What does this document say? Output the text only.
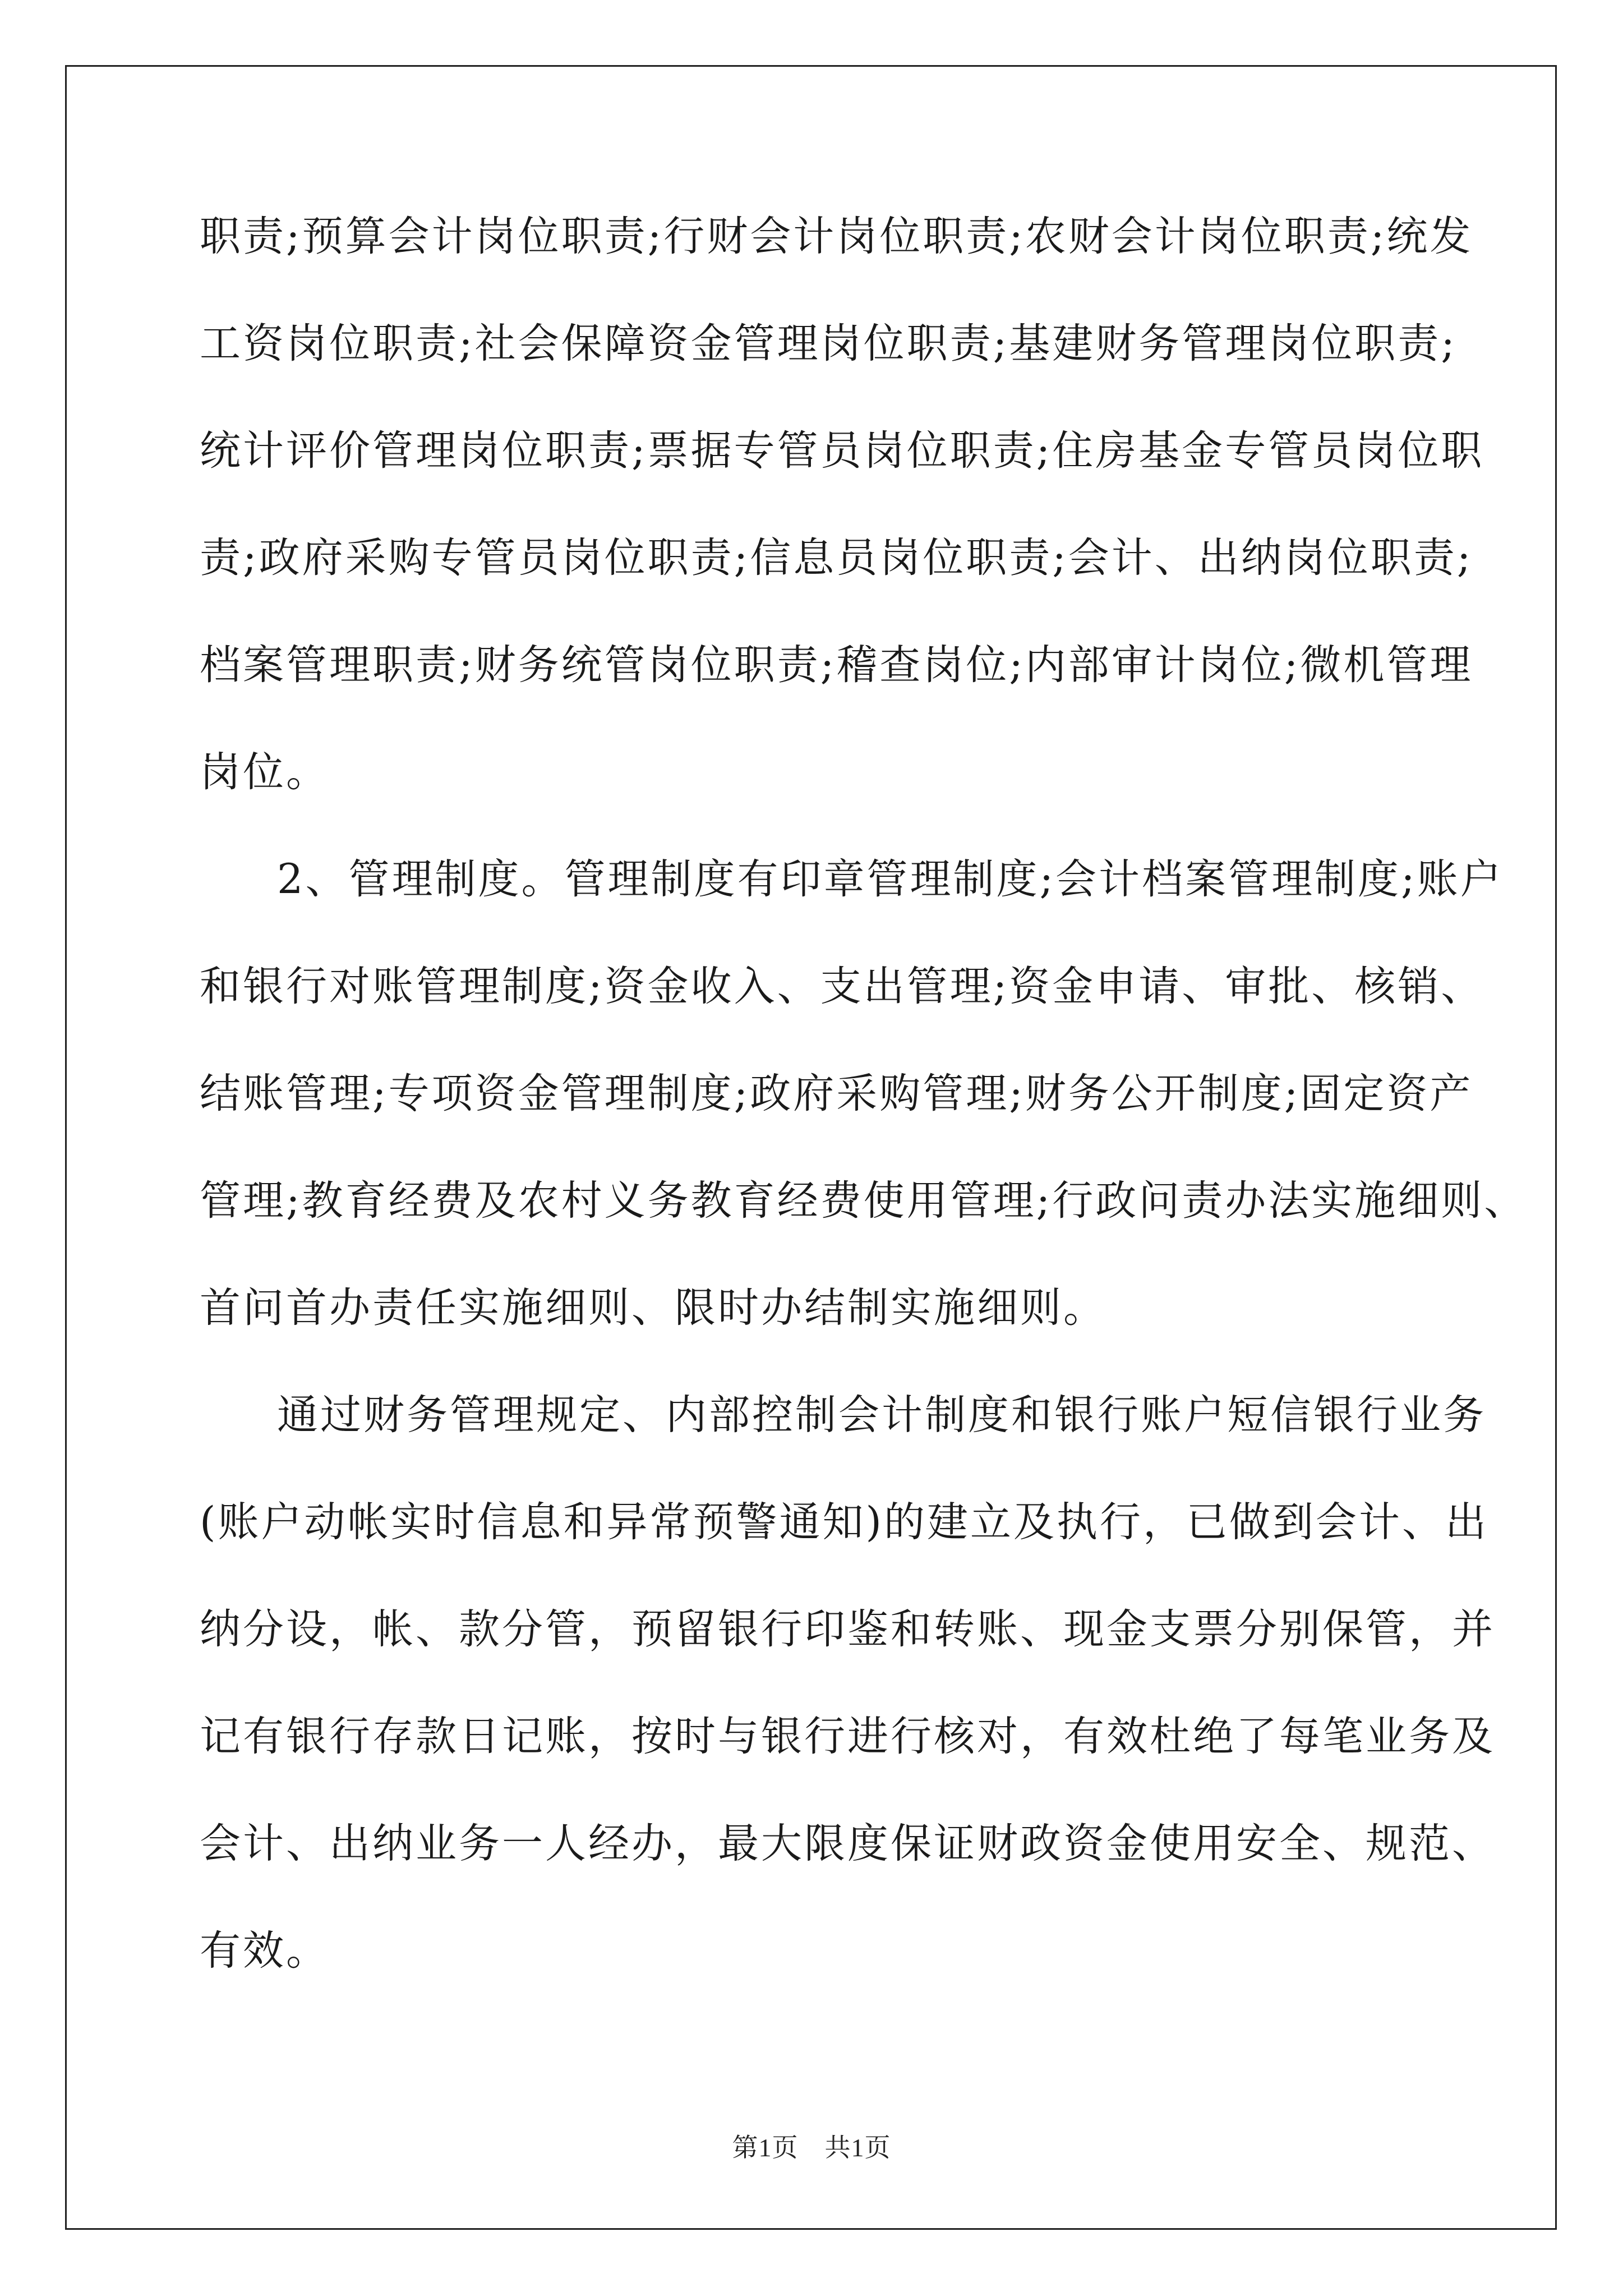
职责;预算会计岗位职责;行财会计岗位职责;农财会计岗位职责;统发
工资岗位职责;社会保障资金管理岗位职责;基建财务管理岗位职责;
统计评价管理岗位职责;票据专管员岗位职责;住房基金专管员岗位职
责;政府采购专管员岗位职责;信息员岗位职责;会计、出纳岗位职责;
档案管理职责;财务统管岗位职责;稽查岗位;内部审计岗位;微机管理
岗位。
2、管理制度。管理制度有印章管理制度;会计档案管理制度;账户
和银行对账管理制度;资金收入、支出管理;资金申请、审批、核销、
结账管理;专项资金管理制度;政府采购管理;财务公开制度;固定资产
管理;教育经费及农村义务教育经费使用管理;行政问责办法实施细则、
首问首办责任实施细则、限时办结制实施细则。
通过财务管理规定、内部控制会计制度和银行账户短信银行业务
(账户动帐实时信息和异常预警通知)的建立及执行，已做到会计、出
纳分设，帐、款分管，预留银行印鉴和转账、现金支票分别保管，并
记有银行存款日记账，按时与银行进行核对，有效杜绝了每笔业务及
会计、出纳业务一人经办，最大限度保证财政资金使用安全、规范、
有效。
第1页　共1页
